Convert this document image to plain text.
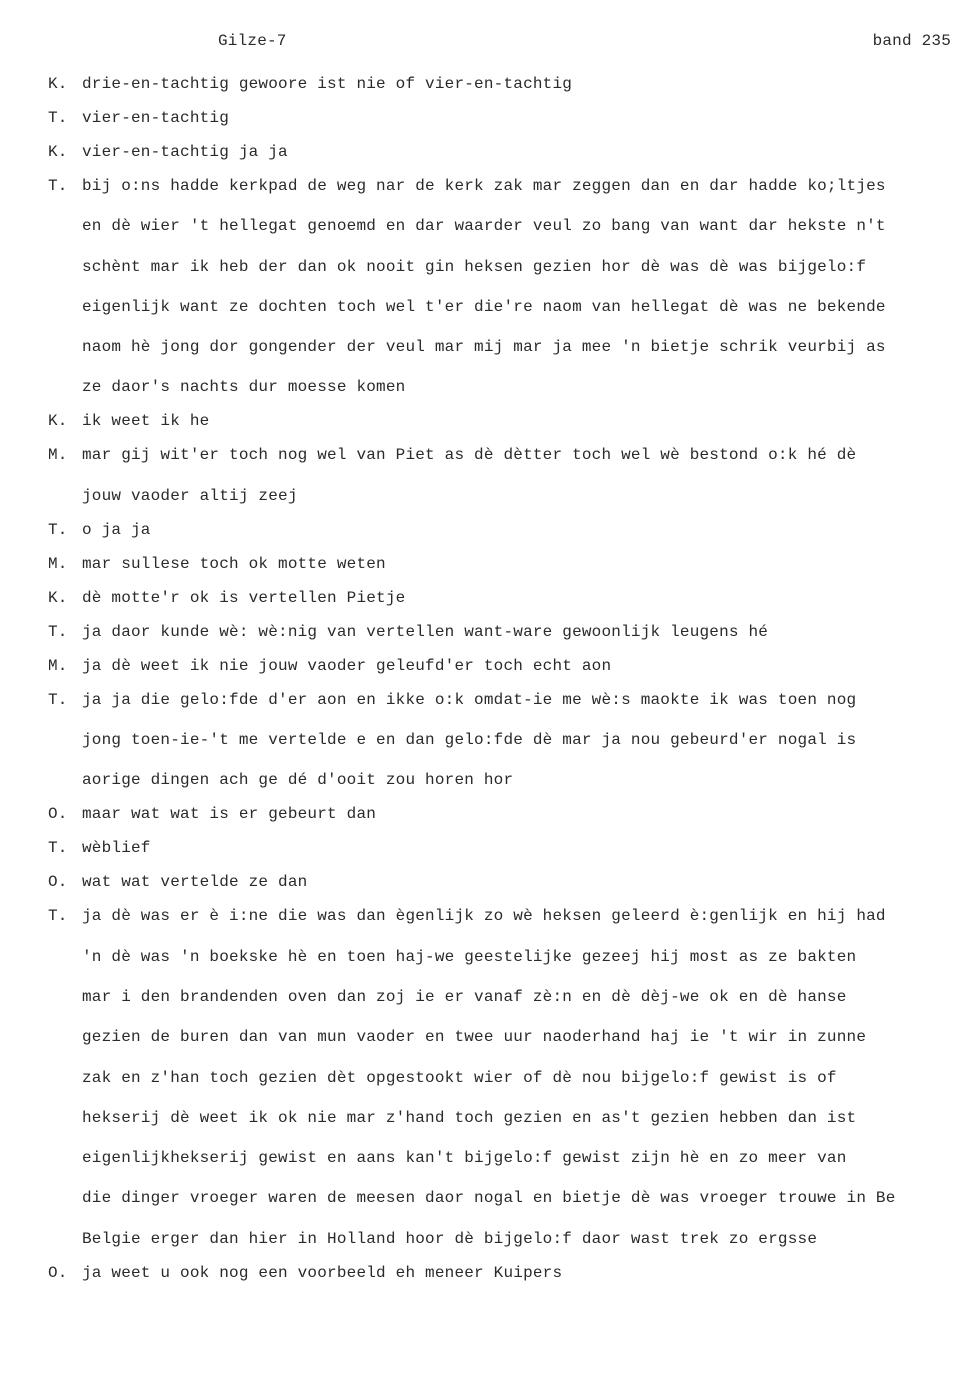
Gilze-7	band 235
K. drie-en-tachtig gewoore ist nie of vier-en-tachtig
T. vier-en-tachtig
K. vier-en-tachtig ja ja
T. bij o:ns hadde kerkpad de weg nar de kerk zak mar zeggen dan en dar hadde ko;ltjes
en dè wier 't hellegat genoemd en dar waarder veul zo bang van want dar hekste n't
schènt mar ik heb der dan ok nooit gin heksen gezien hor dè was dè was bijgelo:f
eigenlijk want ze dochten toch wel t'er die're naom van hellegat dè was ne bekende
naom hè jong dor gongender der veul mar mij mar ja mee 'n bietje schrik veurbij as
ze daor's nachts dur moesse komen
K. ik weet ik he
M. mar gij wit'er toch nog wel van Piet as dè dètter toch wel wè bestond o:k hé dè
jouw vaoder altij zeej
T. o ja ja
M. mar sullese toch ok motte weten
K. dè motte'r ok is vertellen Pietje
T. ja daor kunde wè: wè:nig van vertellen want-ware gewoonlijk leugens hé
M. ja dè weet ik nie jouw vaoder geleufd'er toch echt aon
T. ja ja die gelo:fde d'er aon en ikke o:k omdat-ie me wè:s maokte ik was toen nog
jong toen-ie-'t me vertelde e en dan gelo:fde dè mar ja nou gebeurd'er nogal is
aorige dingen ach ge dé d'ooit zou horen hor
O. maar wat wat is er gebeurt dan
T. wèblief
O. wat wat vertelde ze dan
T. ja dè was er è i:ne die was dan ègenlijk zo wè heksen geleerd è:genlijk en hij had
'n dè was 'n boekske hè en toen haj-we geestelijke gezeej hij most as ze bakten
mar i den brandenden oven dan zoj ie er vanaf zè:n en dè dèj-we ok en dè hanse
gezien de buren dan van mun vaoder en twee uur naoderhand haj ie 't wir in zunne
zak en z'han toch gezien dèt opgestookt wier of dè nou bijgelo:f gewist is of
hekserij dè weet ik ok nie mar z'hand toch gezien en as't gezien hebben dan ist
eigenlijkhekserij gewist en aans kan't bijgelo:f gewist zijn hè en zo meer van
die dinger vroeger waren de meesen daor nogal en bietje dè was vroeger trouwe in Be
Belgie erger dan hier in Holland hoor dè bijgelo:f daor wast trek zo ergsse
O. ja weet u ook nog een voorbeeld eh meneer Kuipers
